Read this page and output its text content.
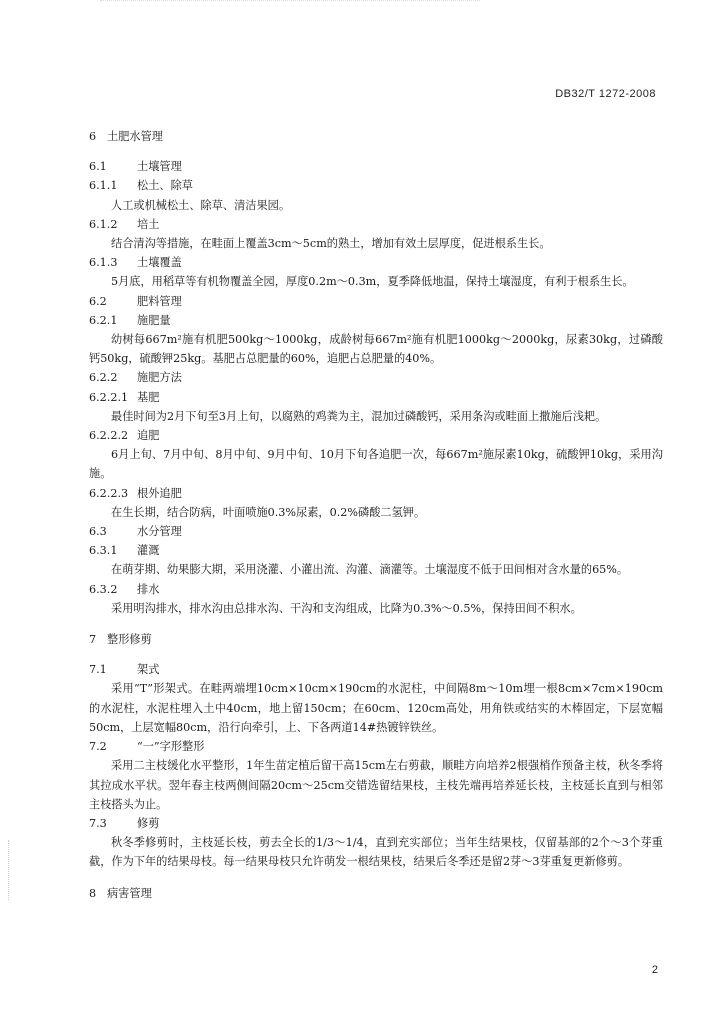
DB32/T 1272-2008
6 土肥水管理
6.1	土壤管理
6.1.1 松土、除草
人工或机械松土、除草、清洁果园。
6.1.2 培土
结合清沟等措施，在畦面上覆盖3cm～5cm的熟土，增加有效土层厚度，促进根系生长。
6.1.3 土壤覆盖
5月底，用稻草等有机物覆盖全园，厚度0.2m～0.3m，夏季降低地温，保持土壤湿度，有利于根系生长。
6.2	肥料管理
6.2.1 施肥量
幼树每667m²施有机肥500kg～1000kg，成龄树每667m²施有机肥1000kg～2000kg，尿素30kg，过磷酸钙50kg，硫酸钾25kg。基肥占总肥量的60%，追肥占总肥量的40%。
6.2.2 施肥方法
6.2.2.1 基肥
最佳时间为2月下旬至3月上旬，以腐熟的鸡粪为主，混加过磷酸钙，采用条沟或畦面上撒施后浅耙。
6.2.2.2 追肥
6月上旬、7月中旬、8月中旬、9月中旬、10月下旬各追肥一次，每667m²施尿素10kg，硫酸钾10kg，采用沟施。
6.2.2.3 根外追肥
在生长期，结合防病，叶面喷施0.3%尿素，0.2%磷酸二氢钾。
6.3	水分管理
6.3.1 灌溉
在萌芽期、幼果膨大期，采用浇灌、小灌出流、沟灌、滴灌等。土壤湿度不低于田间相对含水量的65%。
6.3.2 排水
采用明沟排水，排水沟由总排水沟、干沟和支沟组成，比降为0.3%～0.5%，保持田间不积水。
7 整形修剪
7.1	架式
采用“T”形架式。在畦两端埋10cm×10cm×190cm的水泥柱，中间隔8m～10m埋一根8cm×7cm×190cm的水泥柱，水泥柱埋入土中40cm，地上留150cm；在60cm、120cm高处，用角铁或结实的木棒固定，下层宽幅50cm，上层宽幅80cm，沿行向牵引，上、下各两道14#热镀锌铁丝。
7.2	“一”字形整形
采用二主枝缓化水平整形，1年生苗定植后留干高15cm左右剪截，顺畦方向培养2根强梢作预备主枝，秋冬季将其拉成水平状。翌年春主枝两侧间隔20cm～25cm交错选留结果枝，主枝先端再培养延长枝，主枝延长直到与相邻主枝搭头为止。
7.3	修剪
秋冬季修剪时，主枝延长枝，剪去全长的1/3～1/4，直到充实部位；当年生结果枝，仅留基部的2个～3个芽重截，作为下年的结果母枝。每一结果母枝只允许萌发一根结果枝，结果后冬季还是留2芽～3芽重复更新修剪。
8 病害管理
2
